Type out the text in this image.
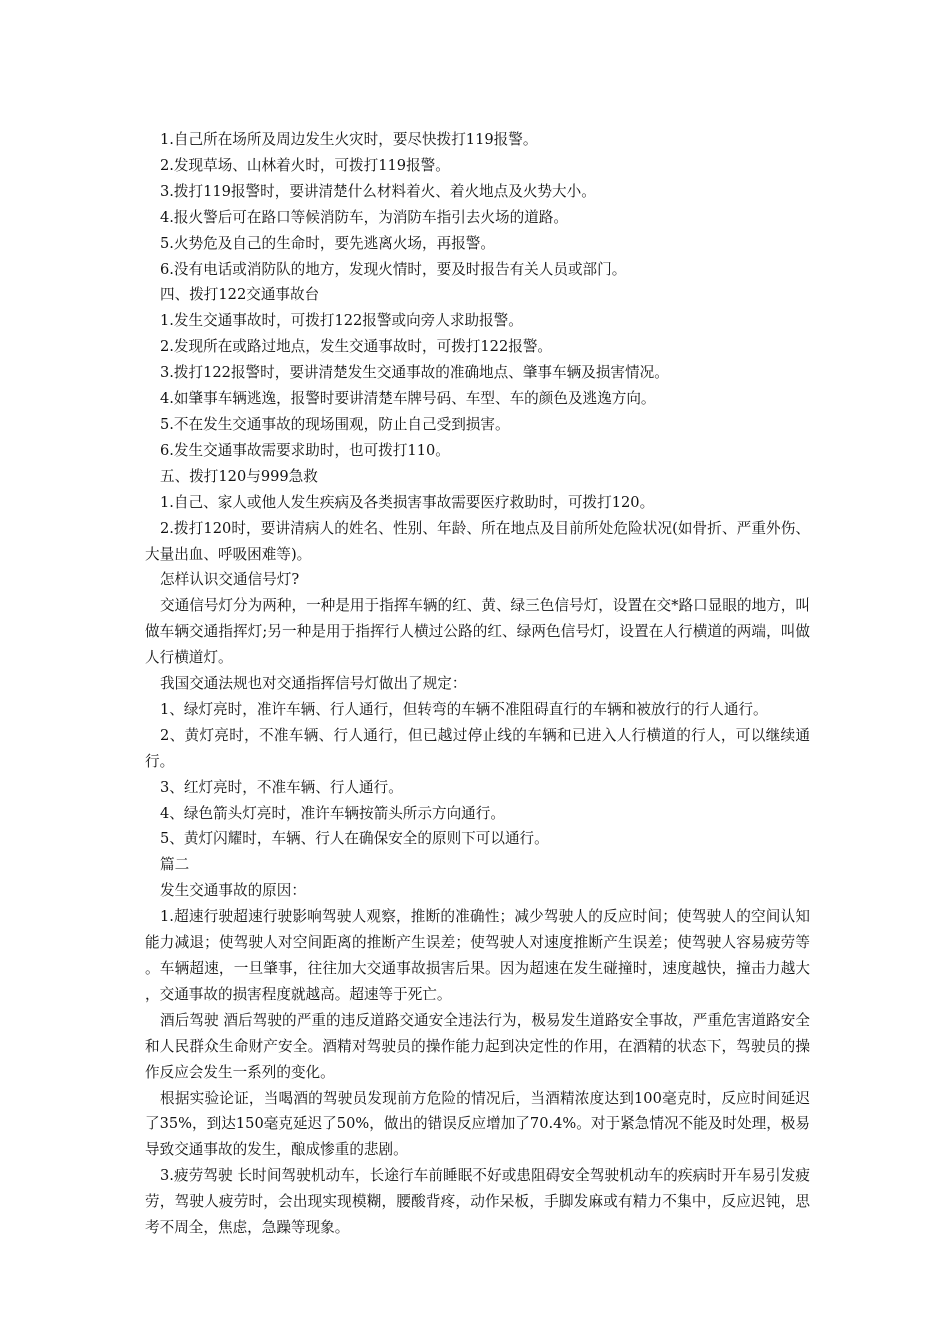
1.自己所在场所及周边发生火灾时，要尽快拨打119报警。

2.发现草场、山林着火时，可拨打119报警。

3.拨打119报警时，要讲清楚什么材料着火、着火地点及火势大小。

4.报火警后可在路口等候消防车，为消防车指引去火场的道路。

5.火势危及自己的生命时，要先逃离火场，再报警。

6.没有电话或消防队的地方，发现火情时，要及时报告有关人员或部门。

四、拨打122交通事故台

1.发生交通事故时，可拨打122报警或向旁人求助报警。

2.发现所在或路过地点，发生交通事故时，可拨打122报警。

3.拨打122报警时，要讲清楚发生交通事故的准确地点、肇事车辆及损害情况。

4.如肇事车辆逃逸，报警时要讲清楚车牌号码、车型、车的颜色及逃逸方向。

5.不在发生交通事故的现场围观，防止自己受到损害。

6.发生交通事故需要求助时，也可拨打110。

五、拨打120与999急救

1.自己、家人或他人发生疾病及各类损害事故需要医疗救助时，可拨打120。

2.拨打120时，要讲清病人的姓名、性别、年龄、所在地点及目前所处危险状况(如骨折、严重外伤、大量出血、呼吸困难等)。

怎样认识交通信号灯?

交通信号灯分为两种，一种是用于指挥车辆的红、黄、绿三色信号灯，设置在交*路口显眼的地方，叫做车辆交通指挥灯;另一种是用于指挥行人横过公路的红、绿两色信号灯，设置在人行横道的两端，叫做人行横道灯。

我国交通法规也对交通指挥信号灯做出了规定：

1、绿灯亮时，准许车辆、行人通行，但转弯的车辆不准阻碍直行的车辆和被放行的行人通行。

2、黄灯亮时，不准车辆、行人通行，但已越过停止线的车辆和已进入人行横道的行人，可以继续通行。

3、红灯亮时，不准车辆、行人通行。

4、绿色箭头灯亮时，准许车辆按箭头所示方向通行。

5、黄灯闪耀时，车辆、行人在确保安全的原则下可以通行。

篇二

发生交通事故的原因：

1.超速行驶超速行驶影响驾驶人观察，推断的准确性；减少驾驶人的反应时间；使驾驶人的空间认知能力减退；使驾驶人对空间距离的推断产生误差；使驾驶人对速度推断产生误差；使驾驶人容易疲劳等。车辆超速，一旦肇事，往往加大交通事故损害后果。因为超速在发生碰撞时，速度越快，撞击力越大，交通事故的损害程度就越高。超速等于死亡。

酒后驾驶 酒后驾驶的严重的违反道路交通安全违法行为，极易发生道路安全事故，严重危害道路安全和人民群众生命财产安全。酒精对驾驶员的操作能力起到决定性的作用，在酒精的状态下，驾驶员的操作反应会发生一系列的变化。

根据实验论证，当喝酒的驾驶员发现前方危险的情况后，当酒精浓度达到100毫克时，反应时间延迟了35%，到达150毫克延迟了50%，做出的错误反应增加了70.4%。对于紧急情况不能及时处理，极易导致交通事故的发生，酿成惨重的悲剧。

3.疲劳驾驶 长时间驾驶机动车，长途行车前睡眠不好或患阻碍安全驾驶机动车的疾病时开车易引发疲劳，驾驶人疲劳时，会出现实现模糊，腰酸背疼，动作呆板，手脚发麻或有精力不集中，反应迟钝，思考不周全，焦虑，急躁等现象。
